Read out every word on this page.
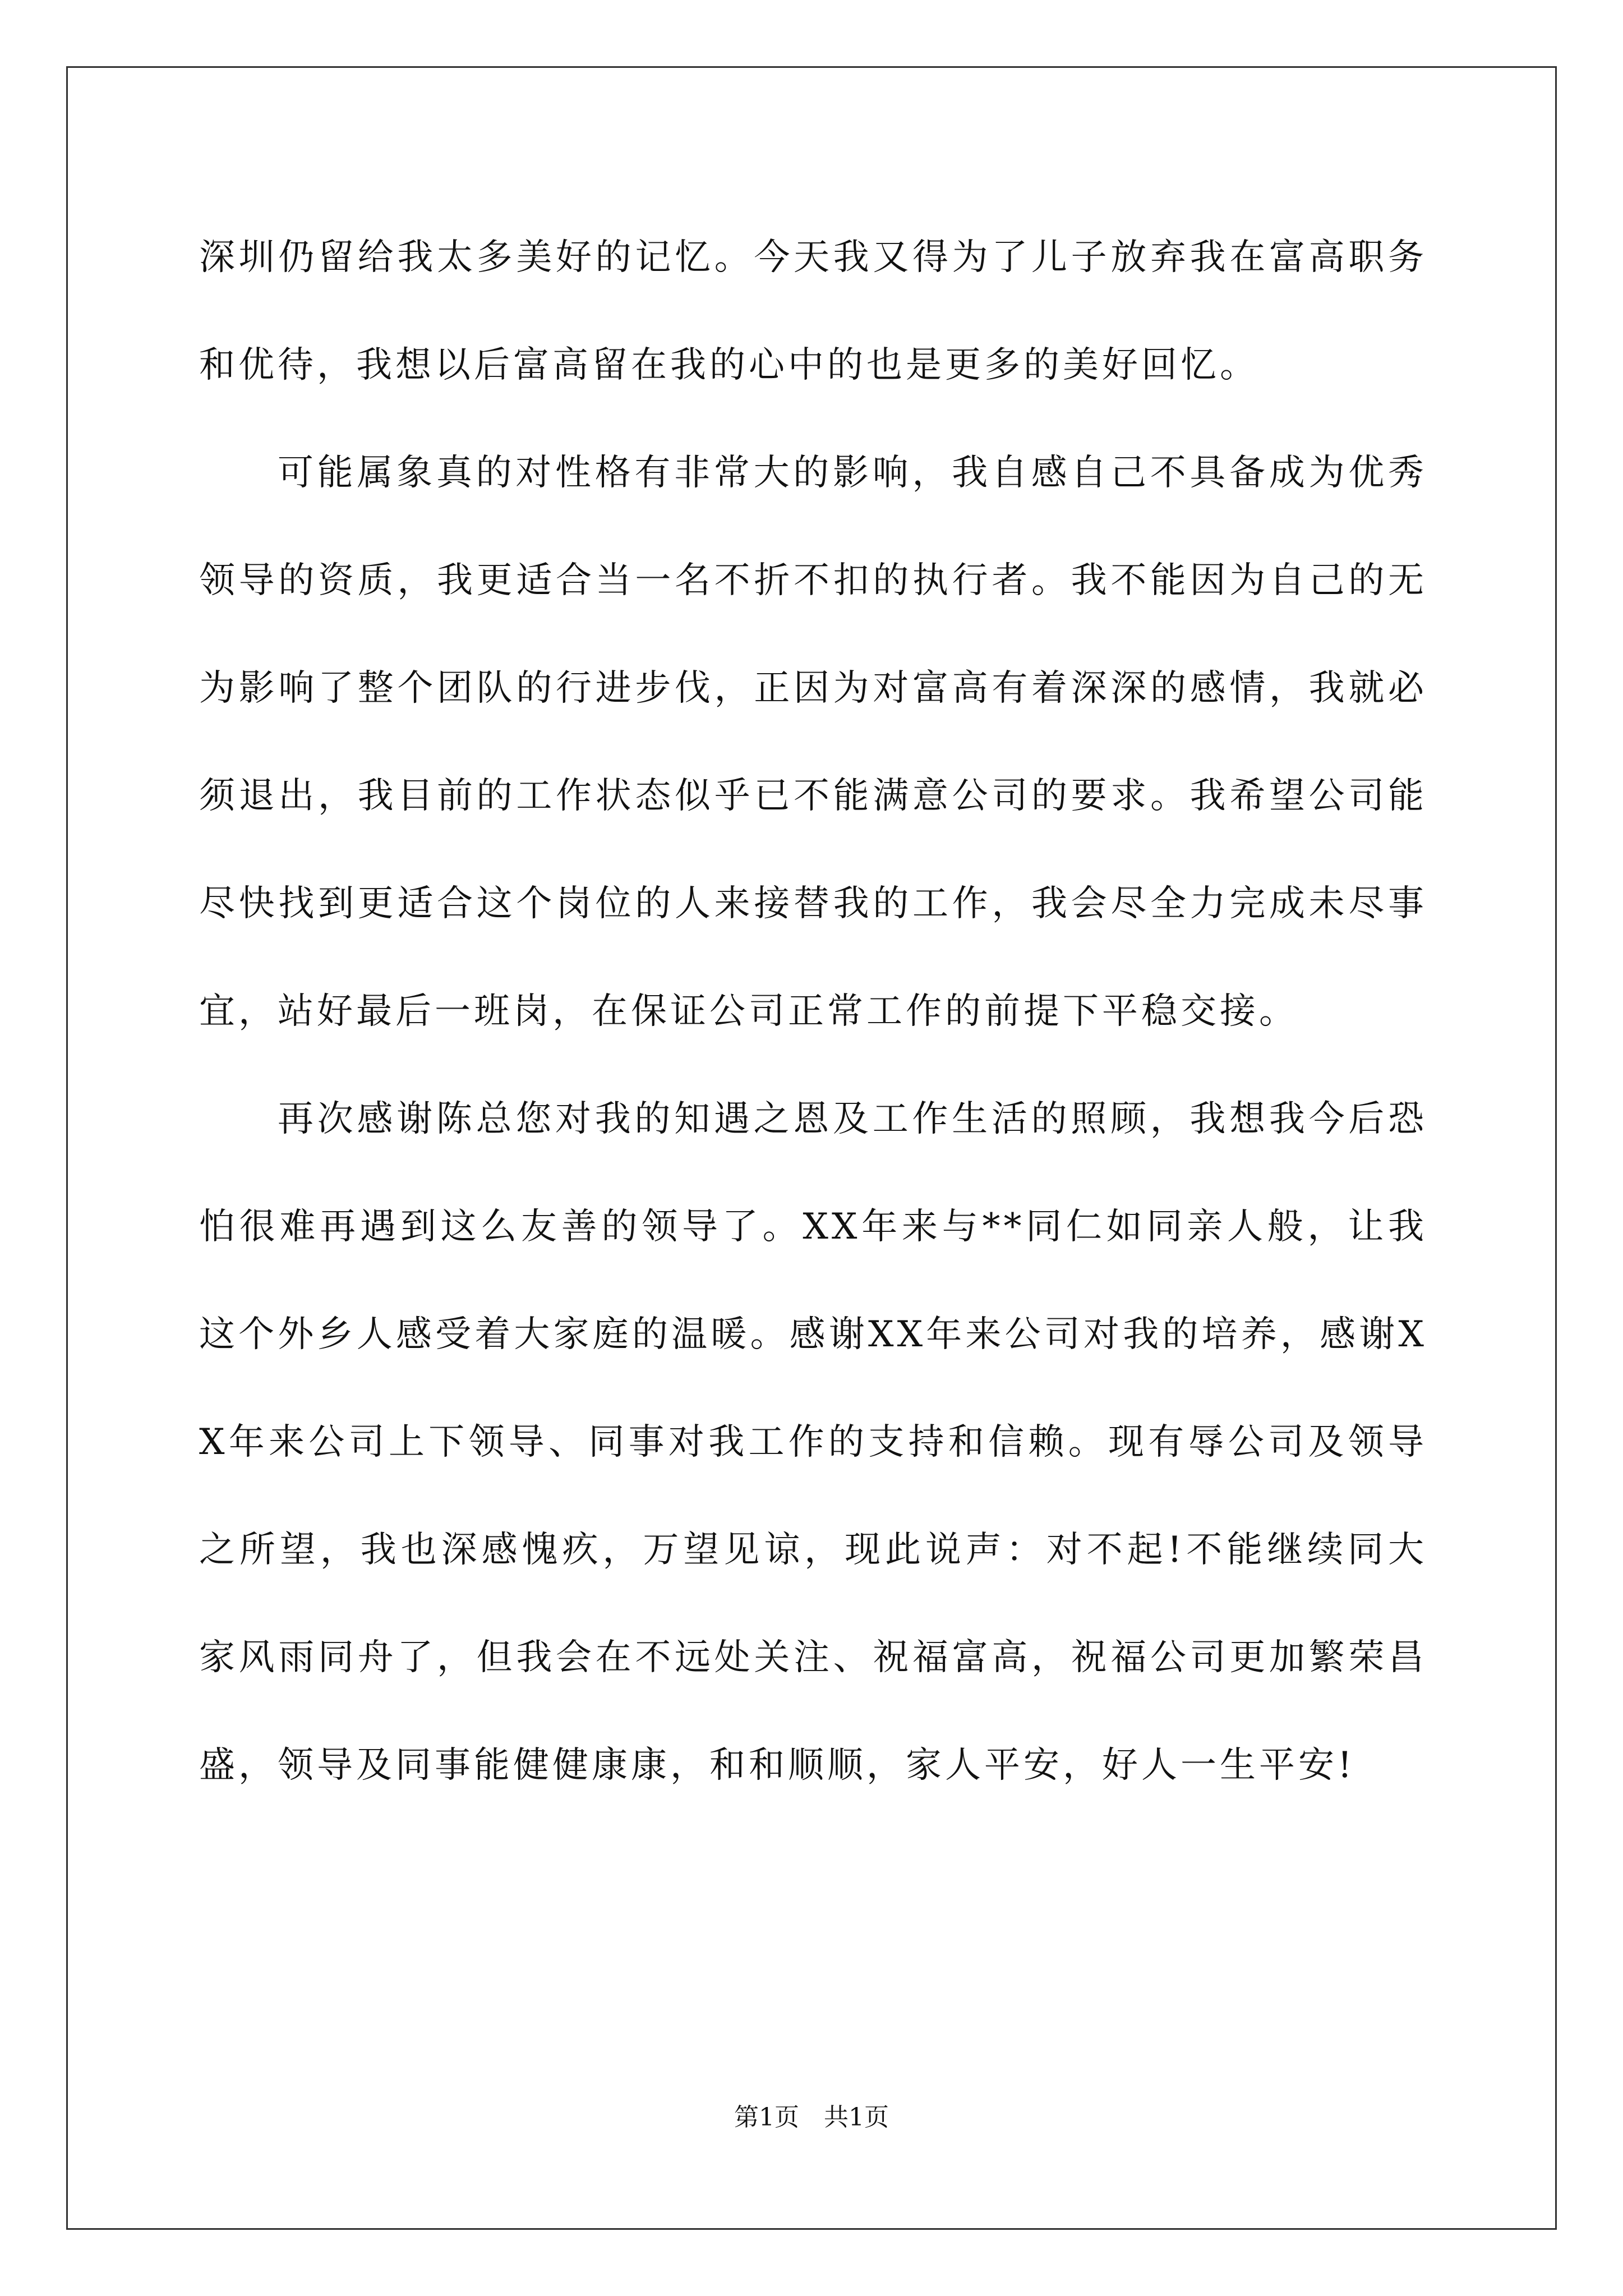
深圳仍留给我太多美好的记忆。今天我又得为了儿子放弃我在富高职务和优待，我想以后富高留在我的心中的也是更多的美好回忆。

可能属象真的对性格有非常大的影响，我自感自己不具备成为优秀领导的资质，我更适合当一名不折不扣的执行者。我不能因为自己的无为影响了整个团队的行进步伐，正因为对富高有着深深的感情，我就必须退出，我目前的工作状态似乎已不能满意公司的要求。我希望公司能尽快找到更适合这个岗位的人来接替我的工作，我会尽全力完成未尽事宜，站好最后一班岗，在保证公司正常工作的前提下平稳交接。

再次感谢陈总您对我的知遇之恩及工作生活的照顾，我想我今后恐怕很难再遇到这么友善的领导了。XX年来与**同仁如同亲人般，让我这个外乡人感受着大家庭的温暖。感谢XX年来公司对我的培养，感谢XX年来公司上下领导、同事对我工作的支持和信赖。现有辱公司及领导之所望，我也深感愧疚，万望见谅，现此说声：对不起!不能继续同大家风雨同舟了，但我会在不远处关注、祝福富高，祝福公司更加繁荣昌盛，领导及同事能健健康康，和和顺顺，家人平安，好人一生平安!

第1页　共1页
